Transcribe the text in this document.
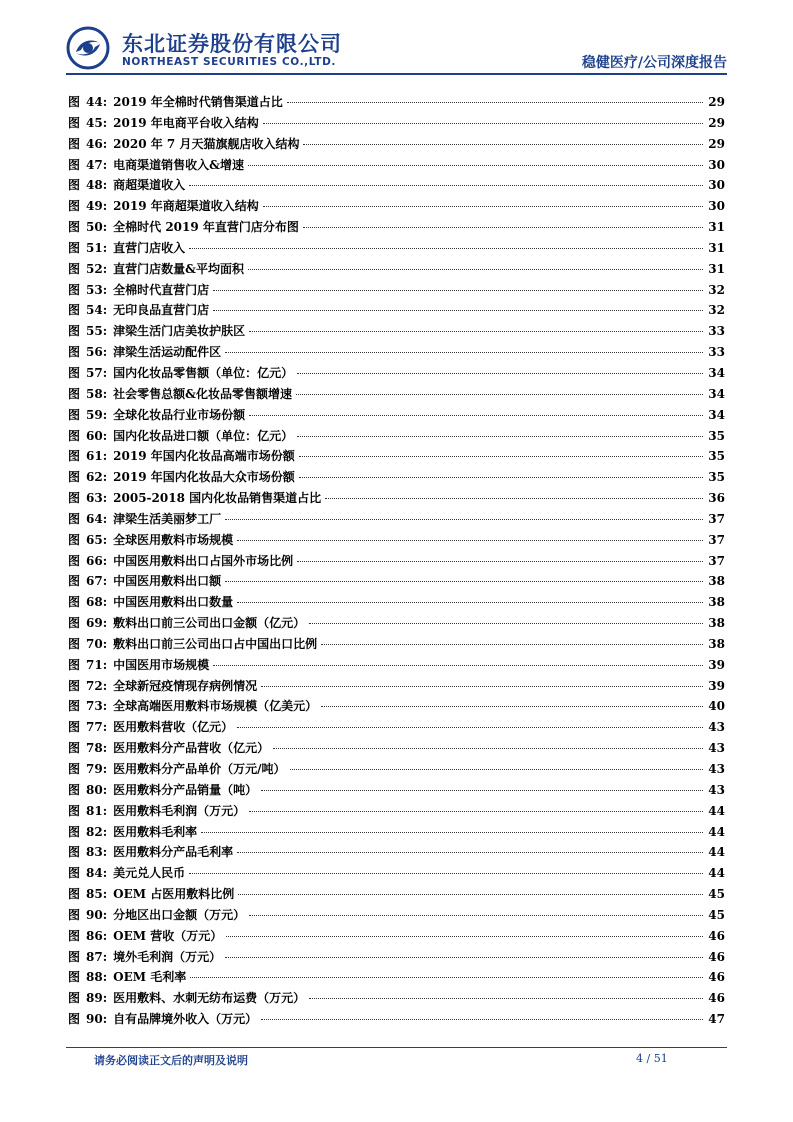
东北证券股份有限公司
NORTHEAST SECURITIES CO.,LTD.	稳健医疗/公司深度报告
图  44:  2019 年全棉时代销售渠道占比	29
图  45:  2019 年电商平台收入结构	29
图  46:  2020 年 7 月天猫旗舰店收入结构	29
图  47:  电商渠道销售收入&增速	30
图  48:  商超渠道收入	30
图  49:  2019 年商超渠道收入结构	30
图  50:  全棉时代 2019 年直营门店分布图	31
图  51:  直营门店收入	31
图  52:  直营门店数量&平均面积	31
图  53:  全棉时代直营门店	32
图  54:  无印良品直营门店	32
图  55:  津梁生活门店美妆护肤区	33
图  56:  津梁生活运动配件区	33
图  57:  国内化妆品零售额（单位：亿元）	34
图  58:  社会零售总额&化妆品零售额增速	34
图  59:  全球化妆品行业市场份额	34
图  60:  国内化妆品进口额（单位：亿元）	35
图  61:  2019 年国内化妆品高端市场份额	35
图  62:  2019 年国内化妆品大众市场份额	35
图  63:  2005-2018 国内化妆品销售渠道占比	36
图  64:  津梁生活美丽梦工厂	37
图  65:  全球医用敷料市场规模	37
图  66:  中国医用敷料出口占国外市场比例	37
图  67:  中国医用敷料出口额	38
图  68:  中国医用敷料出口数量	38
图  69:  敷料出口前三公司出口金额（亿元）	38
图  70:  敷料出口前三公司出口占中国出口比例	38
图  71:  中国医用市场规模	39
图  72:  全球新冠疫情现存病例情况	39
图  73:  全球高端医用敷料市场规模（亿美元）	40
图  77:  医用敷料营收（亿元）	43
图  78:  医用敷料分产品营收（亿元）	43
图  79:  医用敷料分产品单价（万元/吨）	43
图  80:  医用敷料分产品销量（吨）	43
图  81:  医用敷料毛利润（万元）	44
图  82:  医用敷料毛利率	44
图  83:  医用敷料分产品毛利率	44
图  84:  美元兑人民币	44
图  85:  OEM 占医用敷料比例	45
图  90:  分地区出口金额（万元）	45
图  86:  OEM 营收（万元）	46
图  87:  境外毛利润（万元）	46
图  88:  OEM 毛利率	46
图  89:  医用敷料、水刺无纺布运费（万元）	46
图  90:  自有品牌境外收入（万元）	47
请务必阅读正文后的声明及说明	4 / 51
